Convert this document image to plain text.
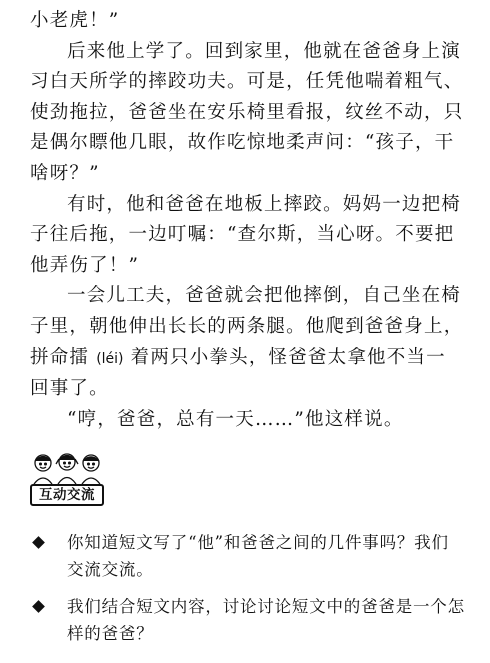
小老虎！”
后来他上学了。回到家里，他就在爸爸身上演
习白天所学的摔跤功夫。可是，任凭他喘着粗气、
使劲拖拉，爸爸坐在安乐椅里看报，纹丝不动，只
是偶尔瞟他几眼，故作吃惊地柔声问：“孩子，干
啥呀？”
有时，他和爸爸在地板上摔跤。妈妈一边把椅
子往后拖，一边叮嘱：“查尔斯，当心呀。不要把
他弄伤了！”
一会儿工夫，爸爸就会把他摔倒，自己坐在椅
子里，朝他伸出长长的两条腿。他爬到爸爸身上，
拼命擂 (léi) 着两只小拳头，怪爸爸太拿他不当一
回事了。
“哼，爸爸，总有一天……”他这样说。
互动交流
你知道短文写了“他”和爸爸之间的几件事吗？我们
交流交流。
我们结合短文内容，讨论讨论短文中的爸爸是一个怎
样的爸爸？
